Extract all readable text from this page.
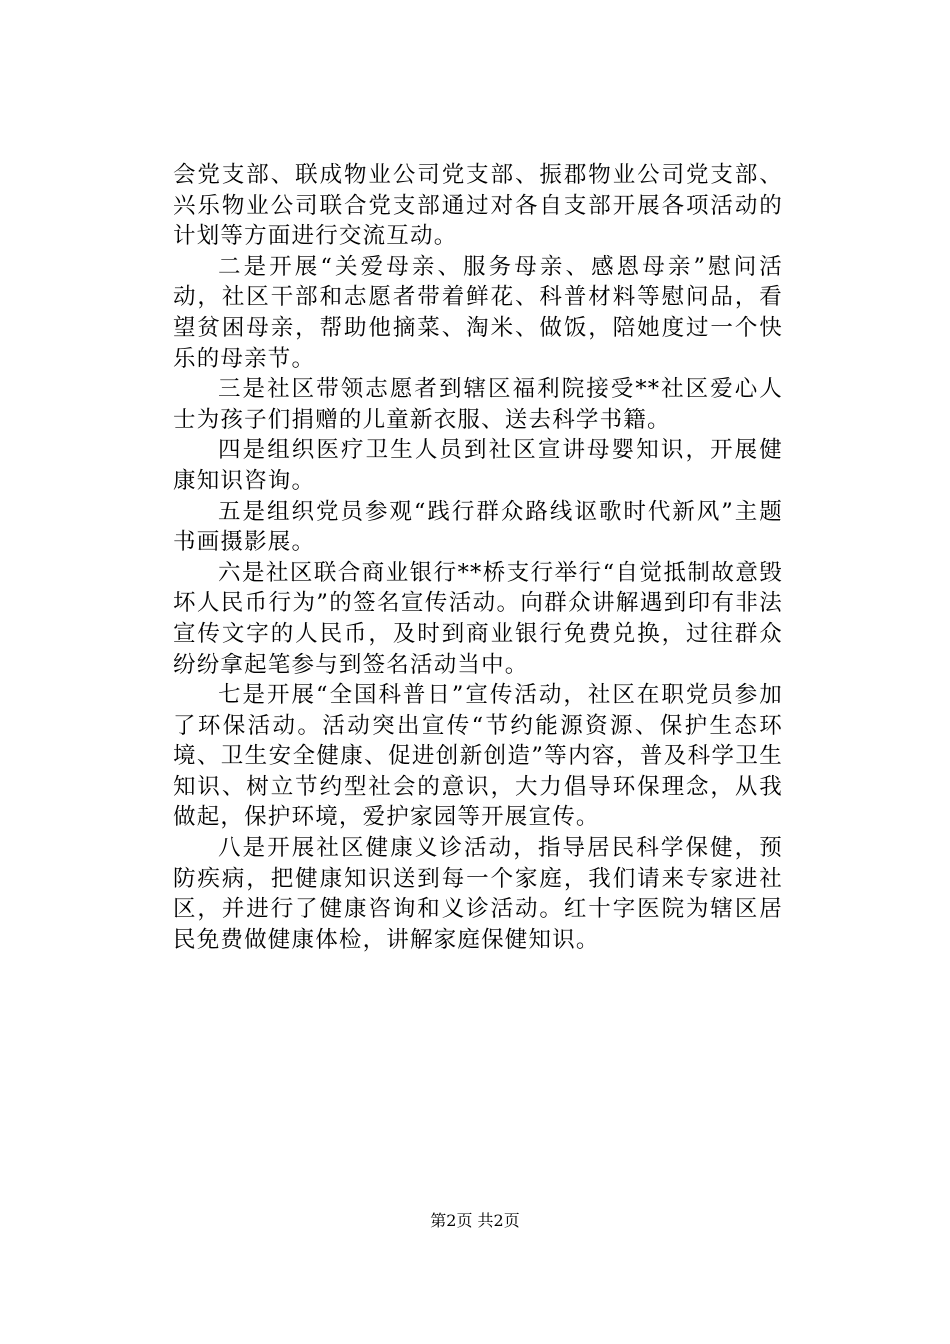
会党支部、联成物业公司党支部、振郡物业公司党支部、兴乐物业公司联合党支部通过对各自支部开展各项活动的计划等方面进行交流互动。

二是开展“关爱母亲、服务母亲、感恩母亲”慰问活动，社区干部和志愿者带着鲜花、科普材料等慰问品，看望贫困母亲，帮助他摘菜、淘米、做饭，陪她度过一个快乐的母亲节。

三是社区带领志愿者到辖区福利院接受**社区爱心人士为孩子们捐赠的儿童新衣服、送去科学书籍。

四是组织医疗卫生人员到社区宣讲母婴知识，开展健康知识咨询。

五是组织党员参观“践行群众路线讴歌时代新风”主题书画摄影展。

六是社区联合商业银行**桥支行举行“自觉抵制故意毁坏人民币行为”的签名宣传活动。向群众讲解遇到印有非法宣传文字的人民币，及时到商业银行免费兑换，过往群众纷纷拿起笔参与到签名活动当中。

七是开展“全国科普日”宣传活动，社区在职党员参加了环保活动。活动突出宣传“节约能源资源、保护生态环境、卫生安全健康、促进创新创造”等内容，普及科学卫生知识、树立节约型社会的意识，大力倡导环保理念，从我做起，保护环境，爱护家园等开展宣传。

八是开展社区健康义诊活动，指导居民科学保健，预防疾病，把健康知识送到每一个家庭，我们请来专家进社区，并进行了健康咨询和义诊活动。红十字医院为辖区居民免费做健康体检，讲解家庭保健知识。

第2页 共2页
